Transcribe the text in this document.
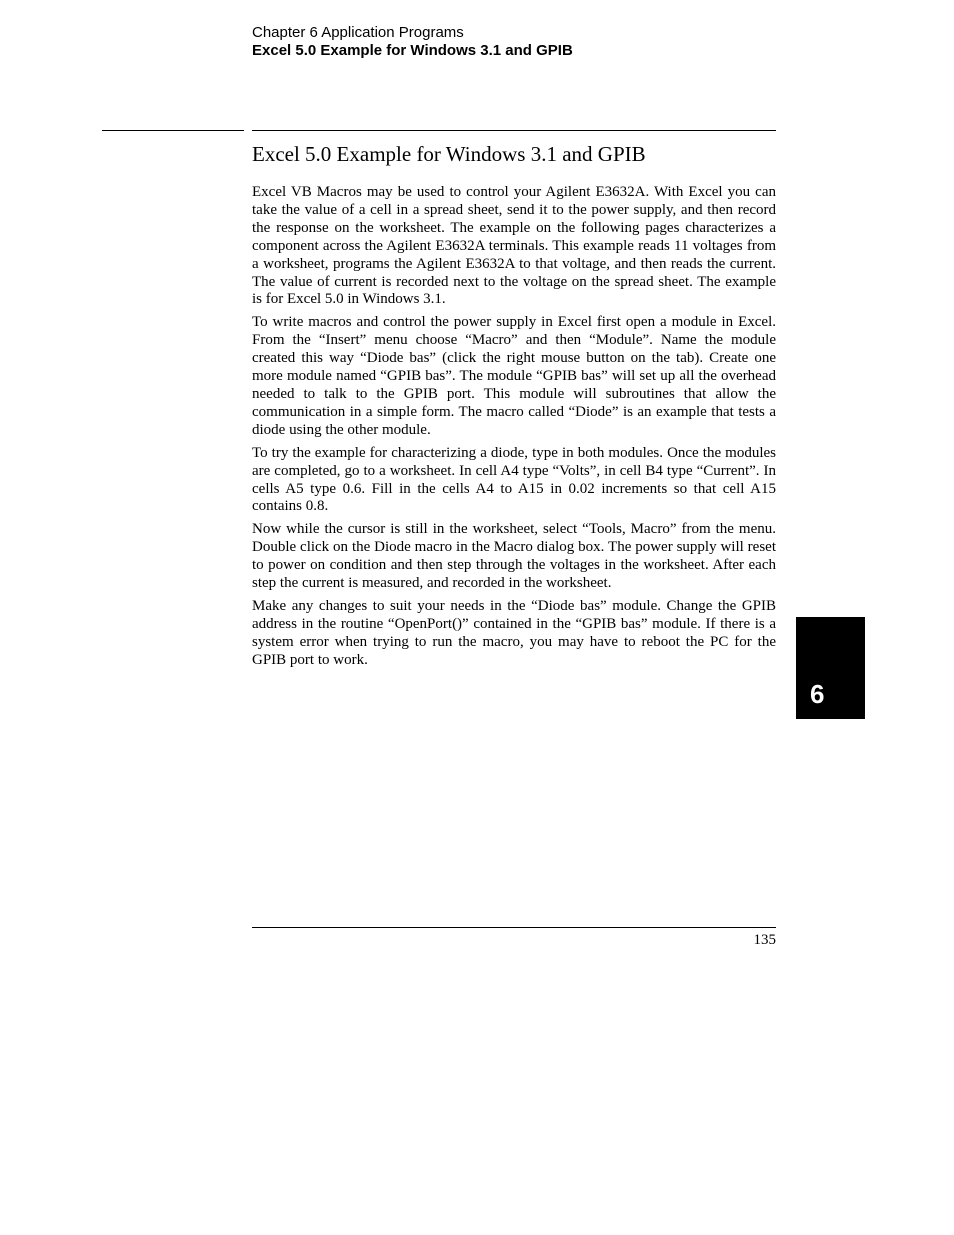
Chapter 6 Application Programs
Excel 5.0 Example for Windows 3.1 and GPIB
Excel 5.0 Example for Windows 3.1 and GPIB

Excel VB Macros may be used to control your Agilent E3632A. With Excel you can take the value of a cell in a spread sheet, send it to the power supply, and then record the response on the worksheet. The example on the following pages characterizes a component across the Agilent E3632A terminals. This example reads 11 voltages from a worksheet, programs the Agilent E3632A to that voltage, and then reads the current. The value of current is recorded next to the voltage on the spread sheet. The example is for Excel 5.0 in Windows 3.1.

To write macros and control the power supply in Excel first open a module in Excel. From the “Insert” menu choose “Macro” and then “Module”. Name the module created this way “Diode bas” (click the right mouse button on the tab). Create one more module named “GPIB bas”. The module “GPIB bas” will set up all the overhead needed to talk to the GPIB port. This module will subroutines that allow the communication in a simple form. The macro called “Diode” is an example that tests a diode using the other module.

To try the example for characterizing a diode, type in both modules. Once the modules are completed, go to a worksheet. In cell A4 type “Volts”, in cell B4 type “Current”. In cells A5 type 0.6. Fill in the cells A4 to A15 in 0.02 increments so that cell A15 contains 0.8.

Now while the cursor is still in the worksheet, select “Tools, Macro” from the menu. Double click on the Diode macro in the Macro dialog box. The power supply will reset to power on condition and then step through the voltages in the worksheet. After each step the current is measured, and recorded in the worksheet.

Make any changes to suit your needs in the “Diode bas” module. Change the GPIB address in the routine “OpenPort()” contained in the “GPIB bas” module. If there is a system error when trying to run the macro, you may have to reboot the PC for the GPIB port to work.

6
135
